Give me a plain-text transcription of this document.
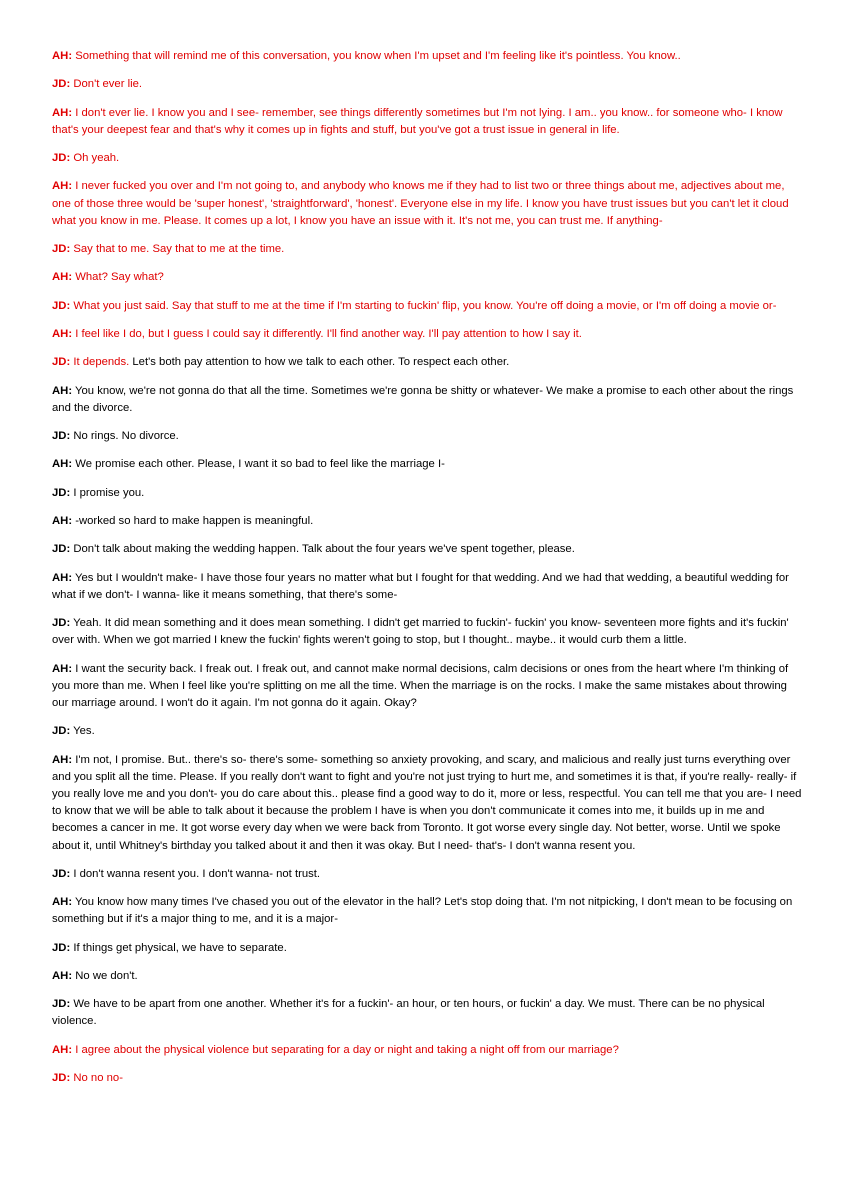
AH: Something that will remind me of this conversation, you know when I'm upset and I'm feeling like it's pointless. You know..

JD: Don't ever lie.

AH: I don't ever lie. I know you and I see- remember, see things differently sometimes but I'm not lying. I am.. you know.. for someone who- I know that's your deepest fear and that's why it comes up in fights and stuff, but you've got a trust issue in general in life.

JD: Oh yeah.

AH: I never fucked you over and I'm not going to, and anybody who knows me if they had to list two or three things about me, adjectives about me, one of those three would be 'super honest', 'straightforward', 'honest'. Everyone else in my life. I know you have trust issues but you can't let it cloud what you know in me. Please. It comes up a lot, I know you have an issue with it. It's not me, you can trust me. If anything-

JD: Say that to me. Say that to me at the time.

AH: What? Say what?

JD: What you just said. Say that stuff to me at the time if I'm starting to fuckin' flip, you know. You're off doing a movie, or I'm off doing a movie or-

AH: I feel like I do, but I guess I could say it differently. I'll find another way. I'll pay attention to how I say it.

JD: It depends. Let's both pay attention to how we talk to each other. To respect each other.

AH: You know, we're not gonna do that all the time. Sometimes we're gonna be shitty or whatever- We make a promise to each other about the rings and the divorce.

JD: No rings. No divorce.

AH: We promise each other. Please, I want it so bad to feel like the marriage I-

JD: I promise you.

AH: -worked so hard to make happen is meaningful.

JD: Don't talk about making the wedding happen. Talk about the four years we've spent together, please.

AH: Yes but I wouldn't make- I have those four years no matter what but I fought for that wedding. And we had that wedding, a beautiful wedding for what if we don't- I wanna- like it means something, that there's some-

JD: Yeah. It did mean something and it does mean something. I didn't get married to fuckin'- fuckin' you know- seventeen more fights and it's fuckin' over with. When we got married I knew the fuckin' fights weren't going to stop, but I thought.. maybe.. it would curb them a little.

AH: I want the security back. I freak out. I freak out, and cannot make normal decisions, calm decisions or ones from the heart where I'm thinking of you more than me. When I feel like you're splitting on me all the time. When the marriage is on the rocks. I make the same mistakes about throwing our marriage around. I won't do it again. I'm not gonna do it again. Okay?

JD: Yes.

AH: I'm not, I promise. But.. there's so- there's some- something so anxiety provoking, and scary, and malicious and really just turns everything over and you split all the time. Please. If you really don't want to fight and you're not just trying to hurt me, and sometimes it is that, if you're really- really- if you really love me and you don't- you do care about this.. please find a good way to do it, more or less, respectful. You can tell me that you are- I need to know that we will be able to talk about it because the problem I have is when you don't communicate it comes into me, it builds up in me and becomes a cancer in me. It got worse every day when we were back from Toronto. It got worse every single day. Not better, worse. Until we spoke about it, until Whitney's birthday you talked about it and then it was okay. But I need- that's- I don't wanna resent you.

JD: I don't wanna resent you. I don't wanna- not trust.

AH: You know how many times I've chased you out of the elevator in the hall? Let's stop doing that. I'm not nitpicking, I don't mean to be focusing on something but if it's a major thing to me, and it is a major-

JD: If things get physical, we have to separate.

AH: No we don't.

JD: We have to be apart from one another. Whether it's for a fuckin'- an hour, or ten hours, or fuckin' a day. We must. There can be no physical violence.

AH: I agree about the physical violence but separating for a day or night and taking a night off from our marriage?

JD: No no no-
